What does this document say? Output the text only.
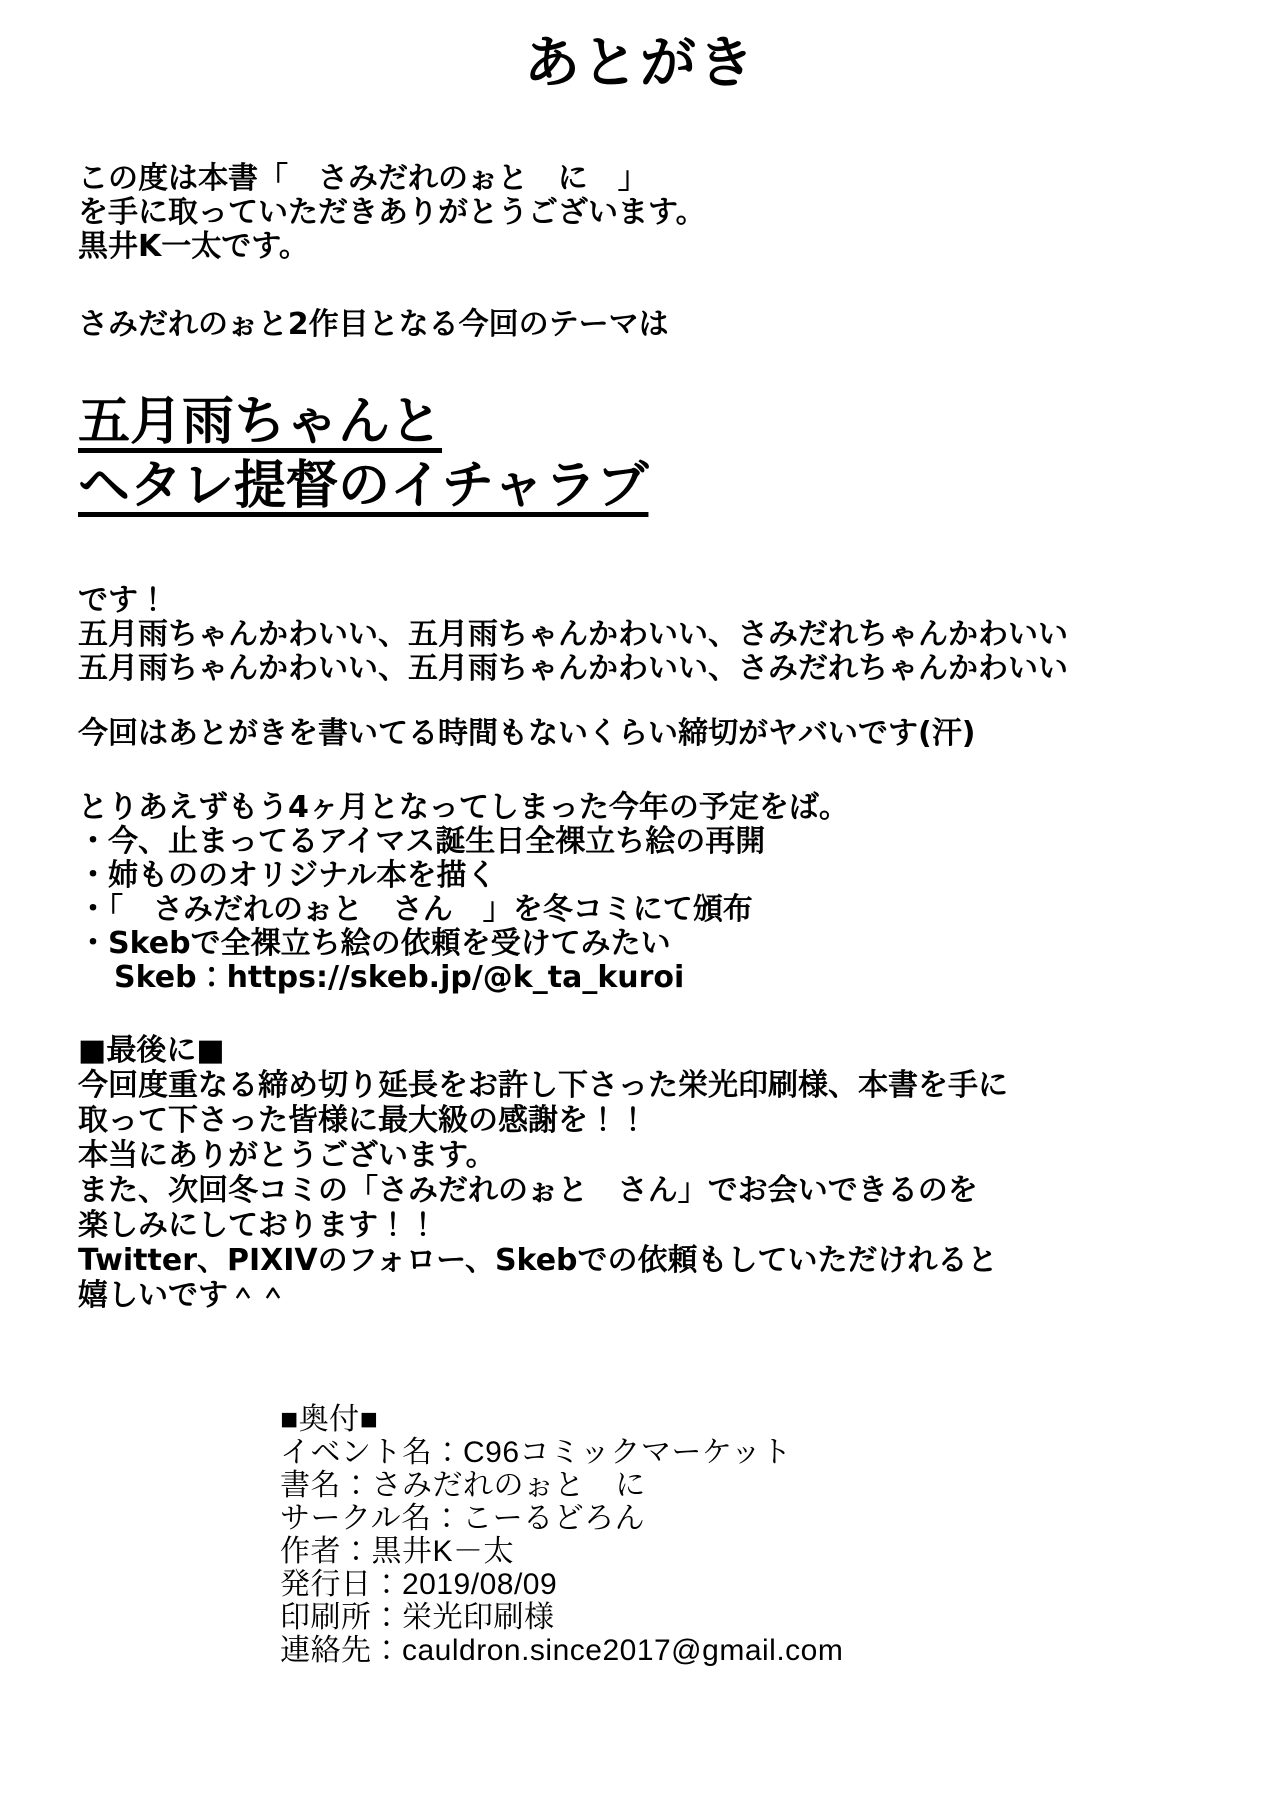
あとがき
この度は本書「　さみだれのぉと　に　」
を手に取っていただきありがとうございます。
黒井K一太です。
さみだれのぉと2作目となる今回のテーマは
五月雨ちゃんと
ヘタレ提督のイチャラブ
です！
五月雨ちゃんかわいい、五月雨ちゃんかわいい、さみだれちゃんかわいい
五月雨ちゃんかわいい、五月雨ちゃんかわいい、さみだれちゃんかわいい
今回はあとがきを書いてる時間もないくらい締切がヤバいです(汗)
とりあえずもう4ヶ月となってしまった今年の予定をば。
・今、止まってるアイマス誕生日全裸立ち絵の再開
・姉もののオリジナル本を描く
・「　さみだれのぉと　さん　」を冬コミにて頒布
・Skebで全裸立ち絵の依頼を受けてみたい
Skeb：https://skeb.jp/@k_ta_kuroi
■最後に■
今回度重なる締め切り延長をお許し下さった栄光印刷様、本書を手に
取って下さった皆様に最大級の感謝を！！
本当にありがとうございます。
また、次回冬コミの「さみだれのぉと　さん」でお会いできるのを
楽しみにしております！！
Twitter、PIXIVのフォロー、Skebでの依頼もしていただけれると
嬉しいです＾＾
■奥付■
イベント名：C96コミックマーケット
書名：さみだれのぉと　に
サークル名：こーるどろん
作者：黒井K－太
発行日：2019/08/09
印刷所：栄光印刷様
連絡先：cauldron.since2017@gmail.com
